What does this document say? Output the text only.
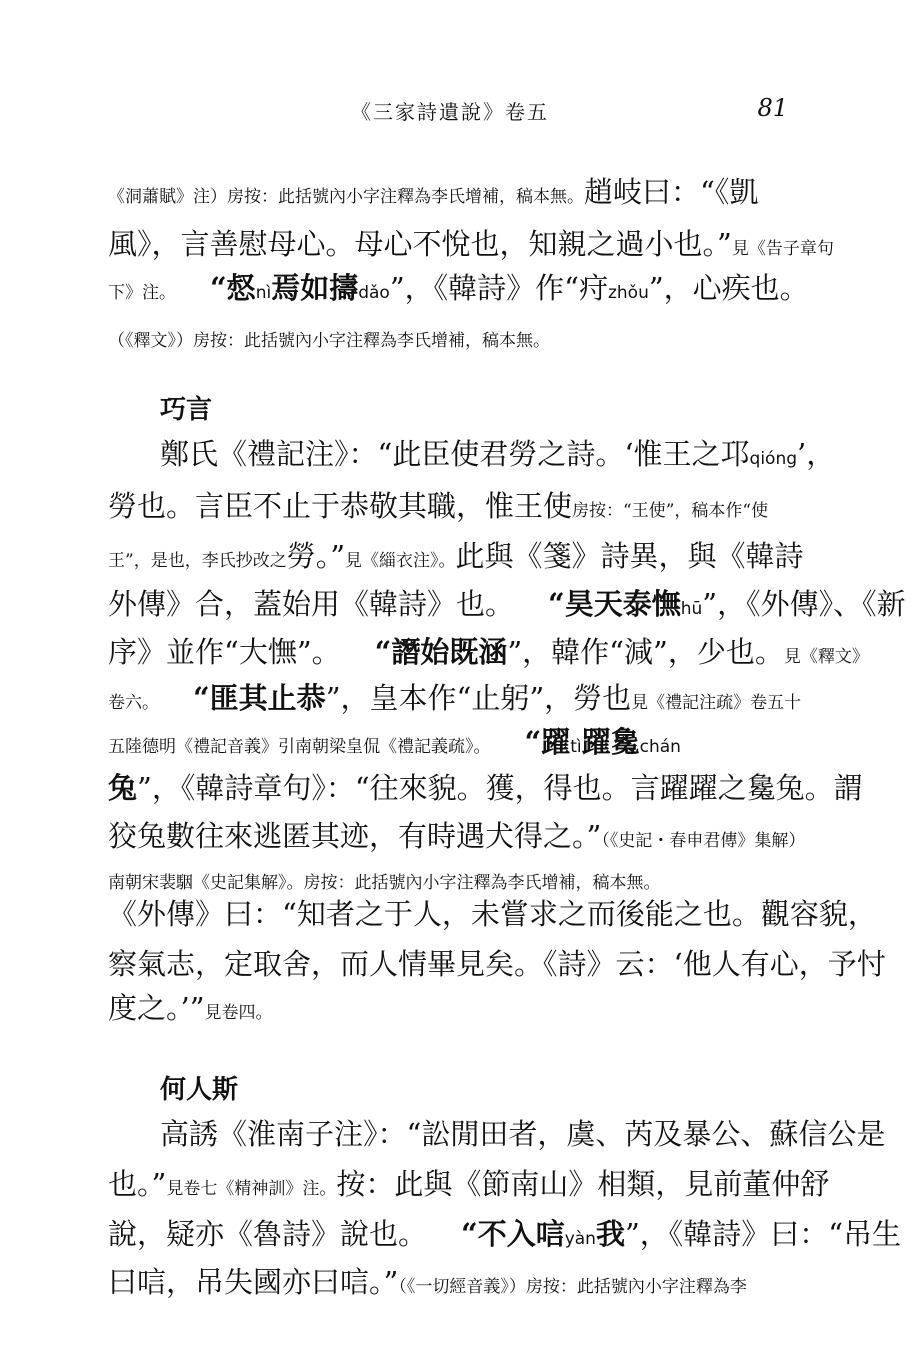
《三家詩遺說》卷五	81
《洞蕭賦》注）房按：此括號內小字注釋為李氏增補，稿本無。趙岐曰：“《凱
風》，言善慰母心。母心不悅也，知親之過小也。”見《告子章句
下》注。 “惄nì焉如擣dǎo”，《韓詩》作“疛zhǒu”，心疾也。
（《釋文》）房按：此括號內小字注釋為李氏增補，稿本無。
鄭氏《禮記注》：“此臣使君勞之詩。‘惟王之邛qióng’，
勞也。言臣不止于恭敬其職，惟王使房按：“王使”，稿本作“使
王”，是也，李氏抄改之勞。”見《緇衣注》。此與《箋》詩異，與《韓詩
外傳》合，蓋始用《韓詩》也。 “昊天泰憮hū”，《外傳》、《新
序》並作“大憮”。 “譖始既涵”，韓作“減”，少也。見《釋文》
卷六。 “匪其止恭”，皇本作“止躬”，勞也見《禮記注疏》卷五十
五陸德明《禮記音義》引南朝梁皇侃《禮記義疏》。 “躍tì躍毚chán
兔”，《韓詩章句》：“往來貌。獲，得也。言躍躍之毚兔。謂
狡兔數往來逃匿其迹，有時遇犬得之。”（《史記・春申君傳》集解）
南朝宋裴駰《史記集解》。房按：此括號內小字注釋為李氏增補，稿本無。
《外傳》曰：“知者之于人，未嘗求之而後能之也。觀容貌，
察氣志，定取舍，而人情畢見矣。《詩》云：‘他人有心，予忖
度之。’”見卷四。
高誘《淮南子注》：“訟閒田者，虞、芮及暴公、蘇信公是
也。”見卷七《精神訓》注。按：此與《節南山》相類，見前董仲舒
說，疑亦《魯詩》說也。 “不入唁yàn我”，《韓詩》曰：“吊生
曰唁，吊失國亦曰唁。”（《一切經音義》）房按：此括號內小字注釋為李
巧言
何人斯
